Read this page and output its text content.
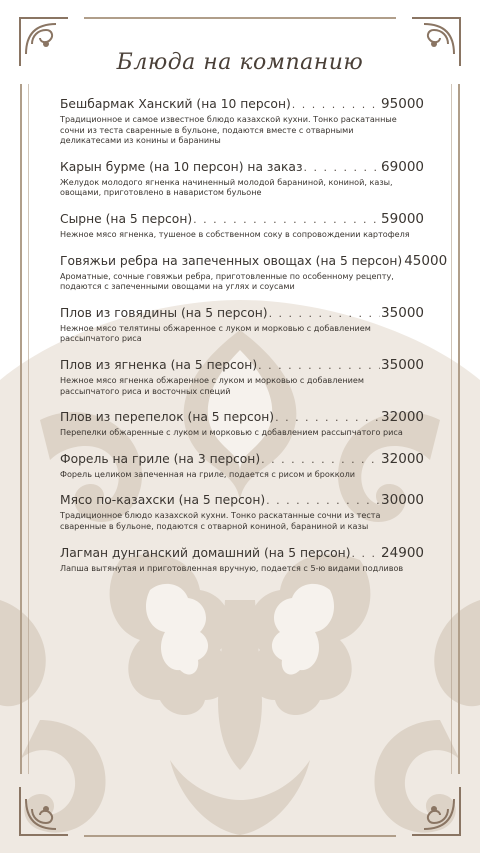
Блюда на компанию
Бешбармак Ханский (на 10 персон) . . .	95000
Традиционное и самое известное блюдо казахской кухни. Тонко раскатанные сочни из теста сваренные в бульоне, подаются вместе с отварными деликатесами из конины и баранины
Карын бурме (на 10 персон) на заказ . . .	69000
Желудок молодого ягненка начиненный молодой бараниной, кониной, казы, овощами, приготовлено в наваристом бульоне
Сырне (на 5 персон) . . .	59000
Нежное мясо ягненка, тушеное в собственном соку в сопровождении картофеля
Говяжьи ребра на запеченных овощах (на 5 персон) 45000
Ароматные, сочные говяжьи ребра, приготовленные по особенному рецепту, подаются с запеченными овощами на углях и соусами
Плов из говядины (на 5 персон) . . .	35000
Нежное мясо телятины обжаренное с луком и морковью с добавлением рассыпчатого риса
Плов из ягненка (на 5 персон) . . .	35000
Нежное мясо ягненка обжаренное с луком и морковью с добавлением рассыпчатого риса и восточных специй
Плов из перепелок (на 5 персон) . . .	32000
Перепелки обжаренные с луком и морковью с добавлением рассыпчатого риса
Форель на гриле (на 3 персон) . . .	32000
Форель целиком запеченная на гриле, подается с рисом и брокколи
Мясо по-казахски (на 5 персон) . . .	30000
Традиционное блюдо казахской кухни. Тонко раскатанные сочни из теста сваренные в бульоне, подаются с отварной кониной, бараниной и казы
Лагман дунганский домашний (на 5 персон) . . . 24900
Лапша вытянутая и приготовленная вручную, подается с 5-ю видами подливов
